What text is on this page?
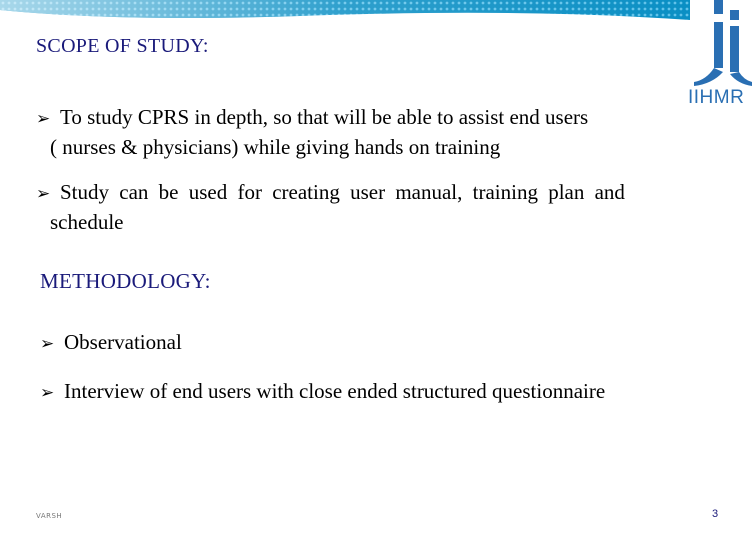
IIHMR
SCOPE OF STUDY:
➢ To study CPRS in depth, so that will be able to assist end users
( nurses & physicians) while giving hands on training
➢ Study can be used for creating user manual, training plan and
schedule
METHODOLOGY:
➢ Observational
➢ Interview of end users with close ended structured questionnaire
VARSH	3
